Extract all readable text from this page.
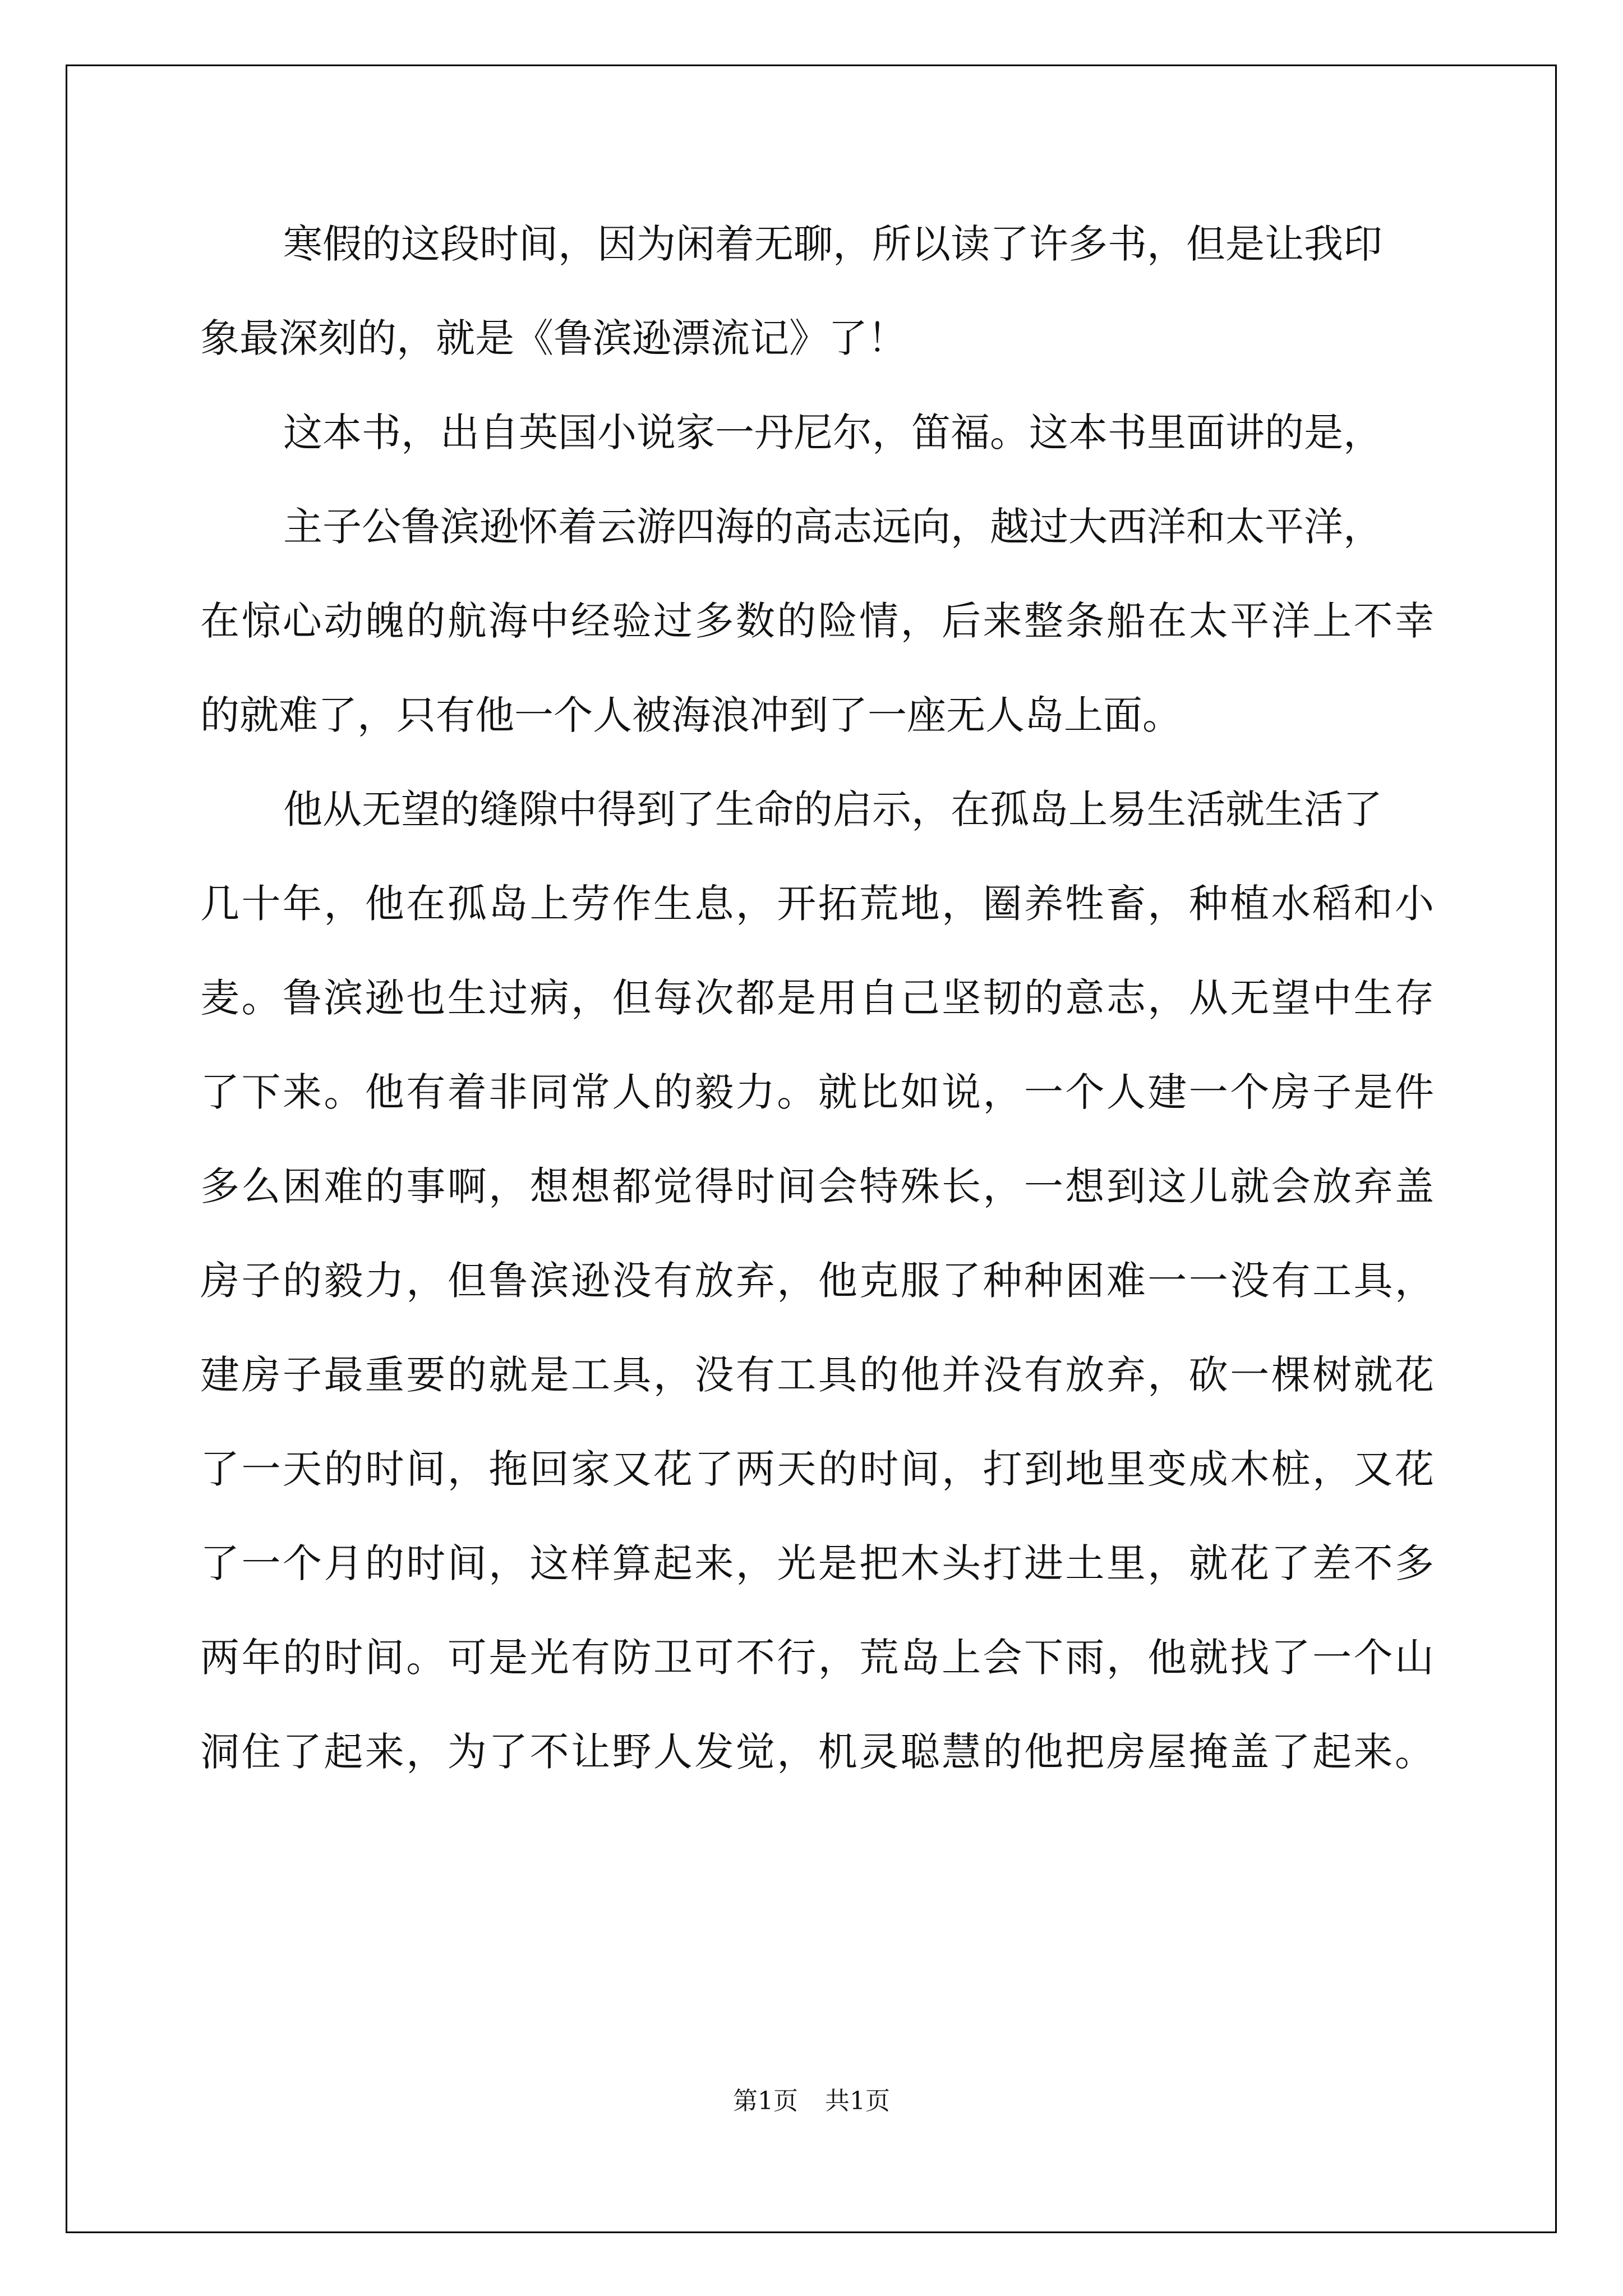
寒假的这段时间，因为闲着无聊，所以读了许多书，但是让我印
象最深刻的，就是《鲁滨逊漂流记》了！
这本书，出自英国小说家一丹尼尔，笛福。这本书里面讲的是，
主子公鲁滨逊怀着云游四海的高志远向，越过大西洋和太平洋，
在惊心动魄的航海中经验过多数的险情，后来整条船在太平洋上不幸
的就难了，只有他一个人被海浪冲到了一座无人岛上面。
他从无望的缝隙中得到了生命的启示，在孤岛上易生活就生活了
几十年，他在孤岛上劳作生息，开拓荒地，圈养牲畜，种植水稻和小
麦。鲁滨逊也生过病，但每次都是用自己坚韧的意志，从无望中生存
了下来。他有着非同常人的毅力。就比如说，一个人建一个房子是件
多么困难的事啊，想想都觉得时间会特殊长，一想到这儿就会放弃盖
房子的毅力，但鲁滨逊没有放弃，他克服了种种困难一一没有工具，
建房子最重要的就是工具，没有工具的他并没有放弃，砍一棵树就花
了一天的时间，拖回家又花了两天的时间，打到地里变成木桩，又花
了一个月的时间，这样算起来，光是把木头打进土里，就花了差不多
两年的时间。可是光有防卫可不行，荒岛上会下雨，他就找了一个山
洞住了起来，为了不让野人发觉，机灵聪慧的他把房屋掩盖了起来。
第1页 共1页
